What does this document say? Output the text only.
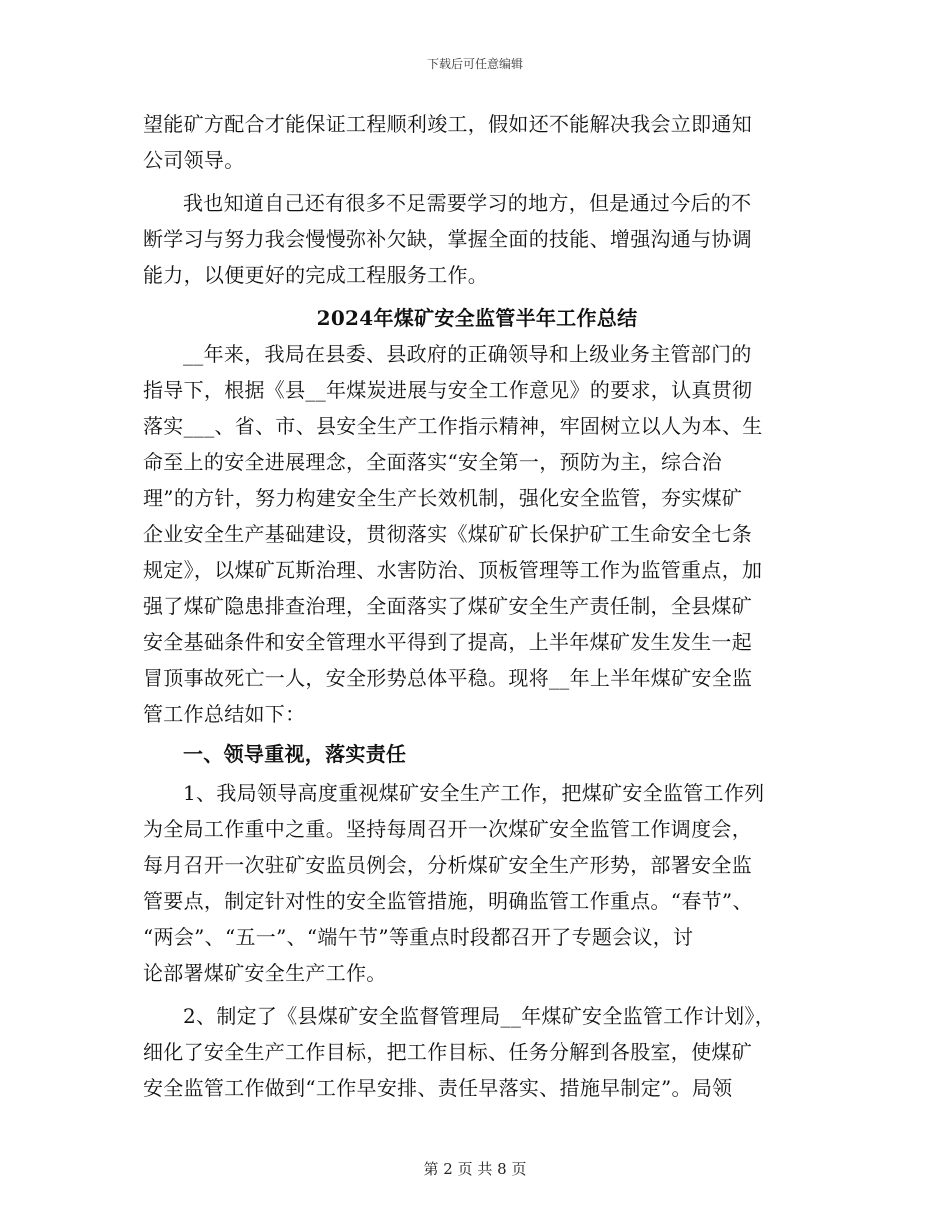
下载后可任意编辑

望能矿方配合才能保证工程顺利竣工，假如还不能解决我会立即通知
公司领导。

我也知道自己还有很多不足需要学习的地方，但是通过今后的不
断学习与努力我会慢慢弥补欠缺，掌握全面的技能、增强沟通与协调
能力，以便更好的完成工程服务工作。

2024年煤矿安全监管半年工作总结

__年来，我局在县委、县政府的正确领导和上级业务主管部门的
指导下，根据《县__年煤炭进展与安全工作意见》的要求，认真贯彻
落实___、省、市、县安全生产工作指示精神，牢固树立以人为本、生
命至上的安全进展理念，全面落实“安全第一，预防为主，综合治
理”的方针，努力构建安全生产长效机制，强化安全监管，夯实煤矿
企业安全生产基础建设，贯彻落实《煤矿矿长保护矿工生命安全七条
规定》，以煤矿瓦斯治理、水害防治、顶板管理等工作为监管重点，加
强了煤矿隐患排查治理，全面落实了煤矿安全生产责任制，全县煤矿
安全基础条件和安全管理水平得到了提高，上半年煤矿发生发生一起
冒顶事故死亡一人，安全形势总体平稳。现将__年上半年煤矿安全监
管工作总结如下：

一、领导重视，落实责任

1、我局领导高度重视煤矿安全生产工作，把煤矿安全监管工作列
为全局工作重中之重。坚持每周召开一次煤矿安全监管工作调度会，
每月召开一次驻矿安监员例会，分析煤矿安全生产形势，部署安全监
管要点，制定针对性的安全监管措施，明确监管工作重点。“春节”、
“两会”、“五一”、“端午节”等重点时段都召开了专题会议，讨
论部署煤矿安全生产工作。

2、制定了《县煤矿安全监督管理局__年煤矿安全监管工作计划》，
细化了安全生产工作目标，把工作目标、任务分解到各股室，使煤矿
安全监管工作做到“工作早安排、责任早落实、措施早制定”。局领

第 2 页 共 8 页
